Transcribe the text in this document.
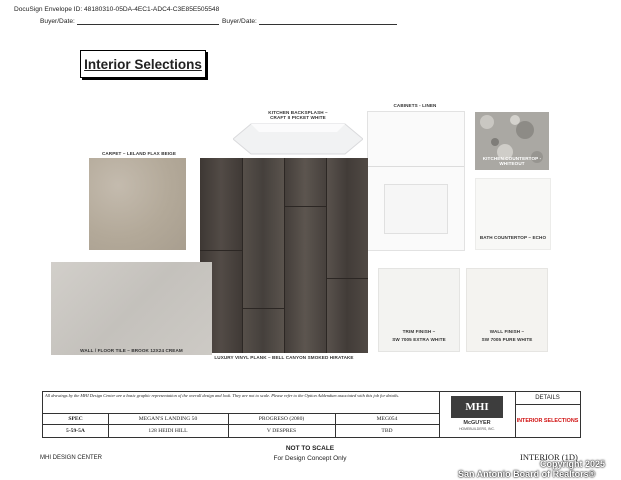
DocuSign Envelope ID: 48180310-05DA-4EC1-ADC4-C3E85E505548
Buyer/Date:	Buyer/Date:
Interior Selections
KITCHEN BACKSPLASH – CRAFT II PICKET WHITE
CABINETS - LINEN
KITCHEN COUNTERTOP - WHITEOUT
BATH COUNTERTOP – ECHO
CARPET – LELAND FLAX BEIGE
LUXURY VINYL PLANK – BELL CANYON SMOKED HIRATAKE
WALL / FLOOR TILE – BROOK 12X24 CREAM
TRIM FINISH –
SW 7005 EXTRA WHITE
WALL FINISH –
SW 7005 PURE WHITE
All drawings by the MHI Design Center are a basic graphic representation of the overall design and look. They are not to scale. Please refer to the Option Addendum associated with this job for details.
SPEC	MEGAN'S LANDING 50	PROGRESO (2080)	MEG054
5-59-5A	128 HEIDI HILL	V DESPRES	TBD
MHI
McGUYER
HOMEBUILDERS, INC.
DETAILS
INTERIOR SELECTIONS
NOT TO SCALE
For Design Concept Only
MHI DESIGN CENTER	INTERIOR (1D)
Copyright 2025
San Antonio Board of Realtors®
